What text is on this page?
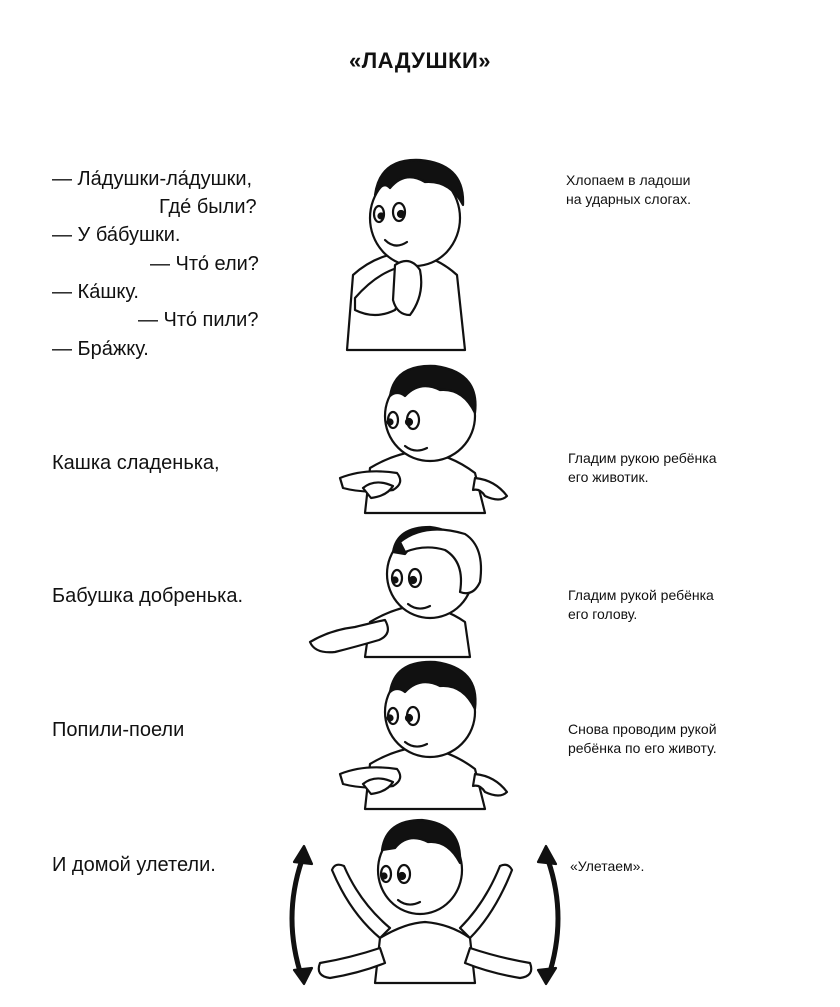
«ЛАДУШКИ»
— Ла́душки-ла́душки,
Где́ были?
— У ба́бушки.
— Что́ ели?
— Ка́шку.
— Что́ пили?
— Бра́жку.
Кашка сладенька,
Бабушка добренька.
Попили-поели
И домой улетели.
Хлопаем в ладоши
на ударных слогах.
Гладим рукою ребёнка
его животик.
Гладим рукой ребёнка
его голову.
Снова проводим рукой
ребёнка по его животу.
«Улетаем».
